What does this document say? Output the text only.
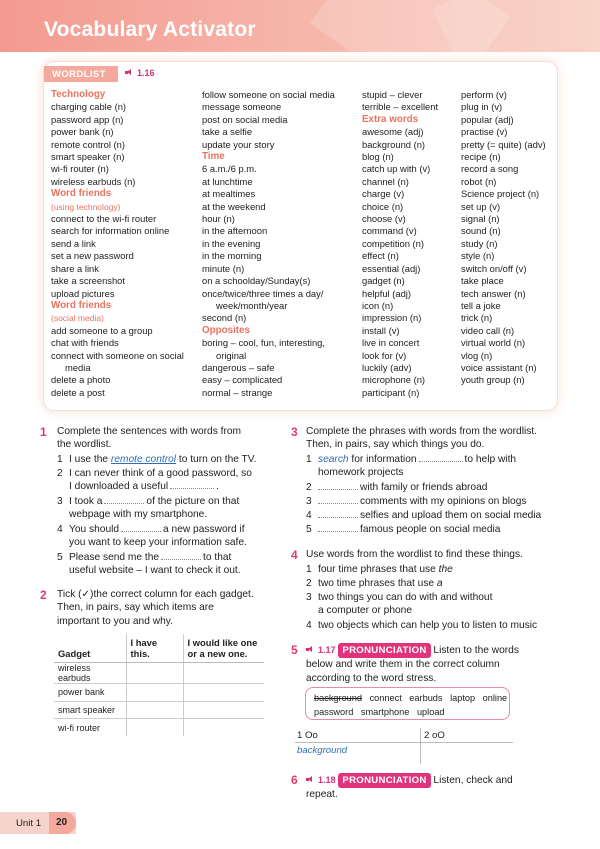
Vocabulary Activator
WORDLIST	1.16
Technology
charging cable (n)
password app (n)
power bank (n)
remote control (n)
smart speaker (n)
wi-fi router (n)
wireless earbuds (n)
Word friends
(using technology)
connect to the wi-fi router
search for information online
send a link
set a new password
share a link
take a screenshot
upload pictures
Word friends
(social media)
add someone to a group
chat with friends
connect with someone on social
media
delete a photo
delete a post
follow someone on social media
message someone
post on social media
take a selfie
update your story
Time
6 a.m./6 p.m.
at lunchtime
at mealtimes
at the weekend
hour (n)
in the afternoon
in the evening
in the morning
minute (n)
on a schoolday/Sunday(s)
once/twice/three times a day/
week/month/year
second (n)
Opposites
boring – cool, fun, interesting,
original
dangerous – safe
easy – complicated
normal – strange
stupid – clever
terrible – excellent
Extra words
awesome (adj)
background (n)
blog (n)
catch up with (v)
channel (n)
charge (v)
choice (n)
choose (v)
command (v)
competition (n)
effect (n)
essential (adj)
gadget (n)
helpful (adj)
icon (n)
impression (n)
install (v)
live in concert
look for (v)
luckily (adv)
microphone (n)
participant (n)
perform (v)
plug in (v)
popular (adj)
practise (v)
pretty (= quite) (adv)
recipe (n)
record a song
robot (n)
Science project (n)
set up (v)
signal (n)
sound (n)
study (n)
style (n)
switch on/off (v)
take place
tech answer (n)
tell a joke
trick (n)
video call (n)
virtual world (n)
vlog (n)
voice assistant (n)
youth group (n)
1 Complete the sentences with words from
the wordlist.
1 I use the remote control to turn on the TV.
2 I can never think of a good password, so
I downloaded a useful	.
3 I took a	of the picture on that
webpage with my smartphone.
4 You should	a new password if
you want to keep your information safe.
5 Please send me the	to that
useful website – I want to check it out.
2 Tick (✓)the correct column for each gadget.
Then, in pairs, say which items are
important to you and why.
Gadget	I have this.	I would like one
or a new one.
wireless earbuds		
power bank		
smart speaker		
wi-fi router		
3 Complete the phrases with words from the wordlist.
Then, in pairs, say which things you do.
1 search for information	to help with
homework projects
2	with family or friends abroad
3	comments with my opinions on blogs
4	selfies and upload them on social media
5	famous people on social media
4 Use words from the wordlist to find these things.
1 four time phrases that use the
2 two time phrases that use a
3 two things you can do with and without
a computer or phone
4 two objects which can help you to listen to music
5	1.17 PRONUNCIATION Listen to the words
below and write them in the correct column
according to the word stress.
background connect earbuds laptop online
password smartphone upload
1 Oo
background
2 oO
6	1.18 PRONUNCIATION Listen, check and
repeat.
Unit 1	20
